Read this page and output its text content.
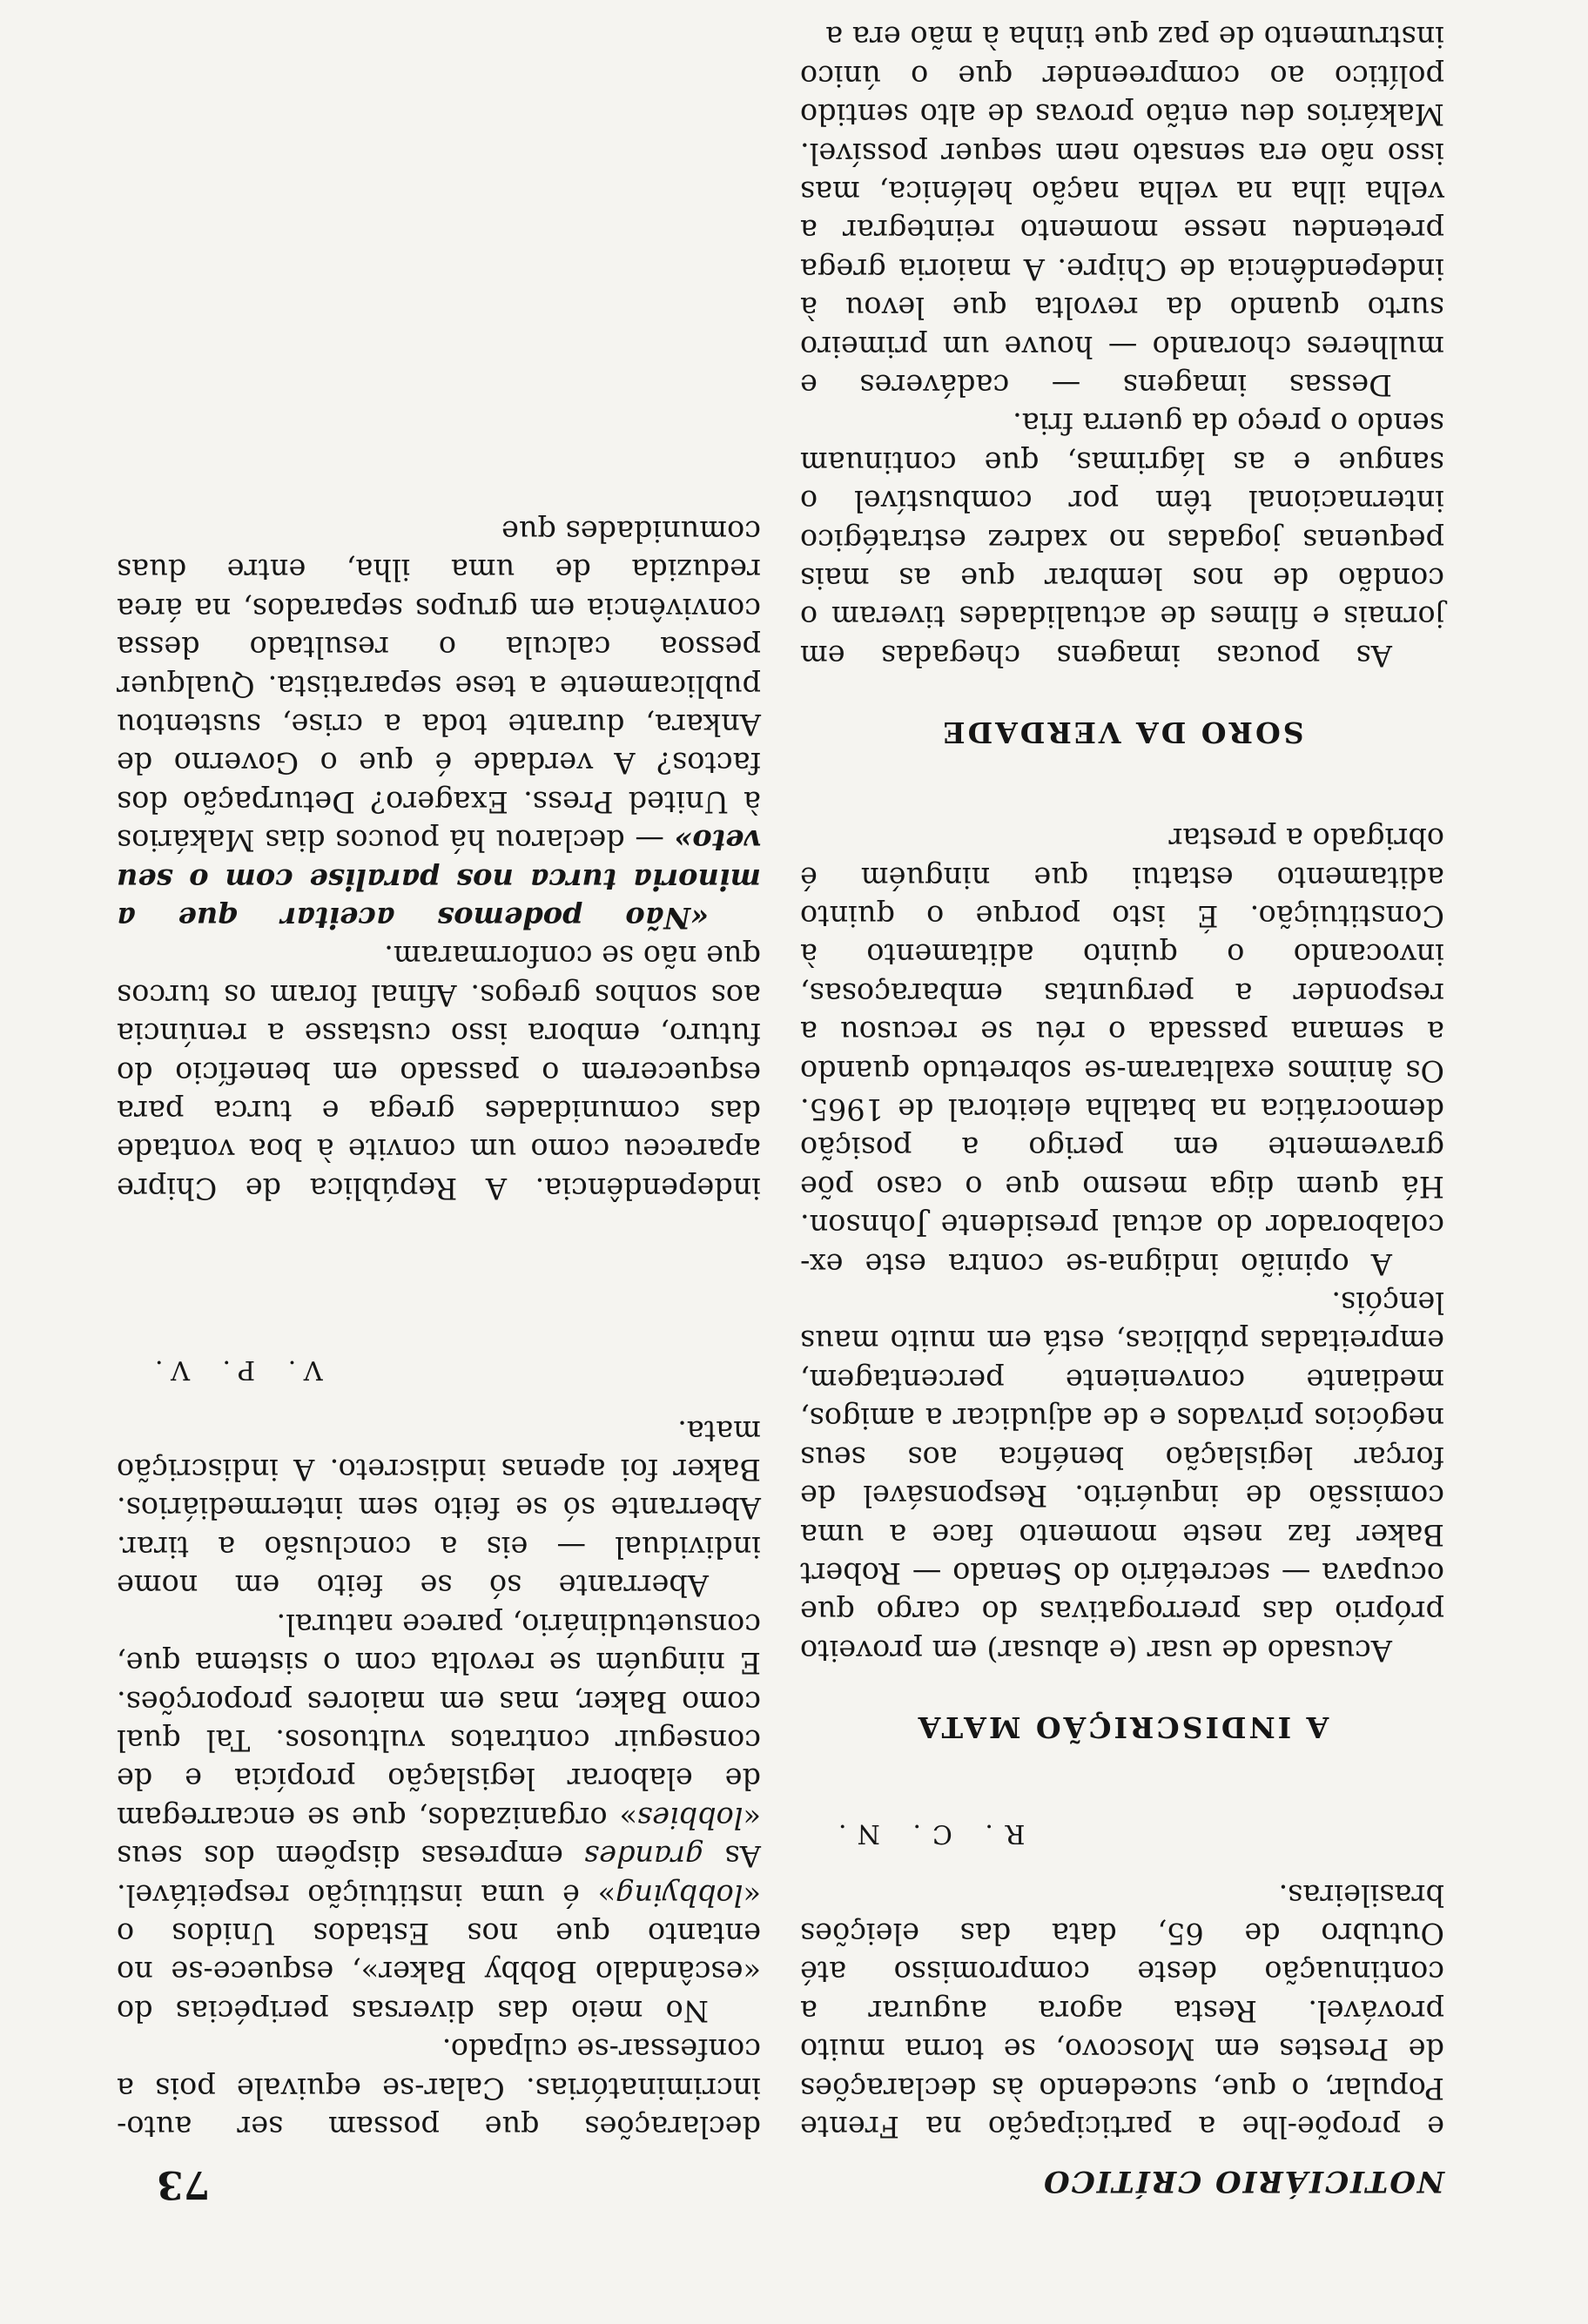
NOTICIÁRIO CRÍTICO
73

e propõe-lhe a participação na Frente Popular, o que, sucedendo às declarações de Prestes em Moscovo, se torna muito provável. Resta agora augurar a continuação deste compromisso até Outubro de 65, data das eleições brasileiras.

R. C. N.
A INDISCRIÇÃO MATA

Acusado de usar (e abusar) em proveito próprio das prerrogativas do cargo que ocupava — secretário do Senado — Robert Baker faz neste momento face a uma comissão de inquérito. Responsável de forçar legislação benéfica aos seus negócios privados e de adjudicar a amigos, mediante conveniente percentagem, empreitadas públicas, está em muito maus lençóis.

A opinião indigna-se contra este ex-colaborador do actual presidente Johnson. Há quem diga mesmo que o caso põe gravemente em perigo a posição democrática na batalha eleitoral de 1965. Os ânimos exaltaram-se sobretudo quando a semana passada o réu se recusou a responder a perguntas embaraçosas, invocando o quinto aditamento à Constituição. É isto porque o quinto aditamento estatui que ninguém é obrigado a prestar

SORO DA VERDADE

As poucas imagens chegadas em jornais e filmes de actualidades tiveram o condão de nos lembrar que as mais pequenas jogadas no xadrez estratégico internacional têm por combustível o sangue e as lágrimas, que continuam sendo o preço da guerra fria.

Dessas imagens — cadáveres e mulheres chorando — houve um primeiro surto quando da revolta que levou à independência de Chipre. A maioria grega pretendeu nesse momento reintegrar a velha ilha na velha nação helénica, mas isso não era sensato nem sequer possível. Makários deu então provas de alto sentido político ao compreender que o único instrumento de paz que tinha à mão era a

declarações que possam ser auto-incriminatórias. Calar-se equivale pois a confessar-se culpado.

No meio das diversas peripécias do «escândalo Bobby Baker», esquece-se no entanto que nos Estados Unidos o «lobbying» é uma instituição respeitável. As grandes empresas dispõem dos seus «lobbies» organizados, que se encarregam de elaborar legislação propícia e de conseguir contratos vultuosos. Tal qual como Baker, mas em maiores proporções. E ninguém se revolta com o sistema que, consuetudinário, parece natural.

Aberrante só se feito em nome individual — eis a conclusão a tirar. Aberrante só se feito sem intermediários. Baker foi apenas indiscreto. A indiscrição mata.

V. P. V.

independência. A República de Chipre apareceu como um convite à boa vontade das comunidades grega e turca para esquecerem o passado em benefício do futuro, embora isso custasse a renúncia aos sonhos gregos. Afinal foram os turcos que não se conformaram.

«Não podemos aceitar que a minoria turca nos paralise com o seu veto» — declarou há poucos dias Makários à United Press. Exagero? Deturpação dos factos? A verdade é que o Governo de Ankara, durante toda a crise, sustentou publicamente a tese separatista. Qualquer pessoa calcula o resultado dessa convivência em grupos separados, na área reduzida de uma ilha, entre duas comunidades que
